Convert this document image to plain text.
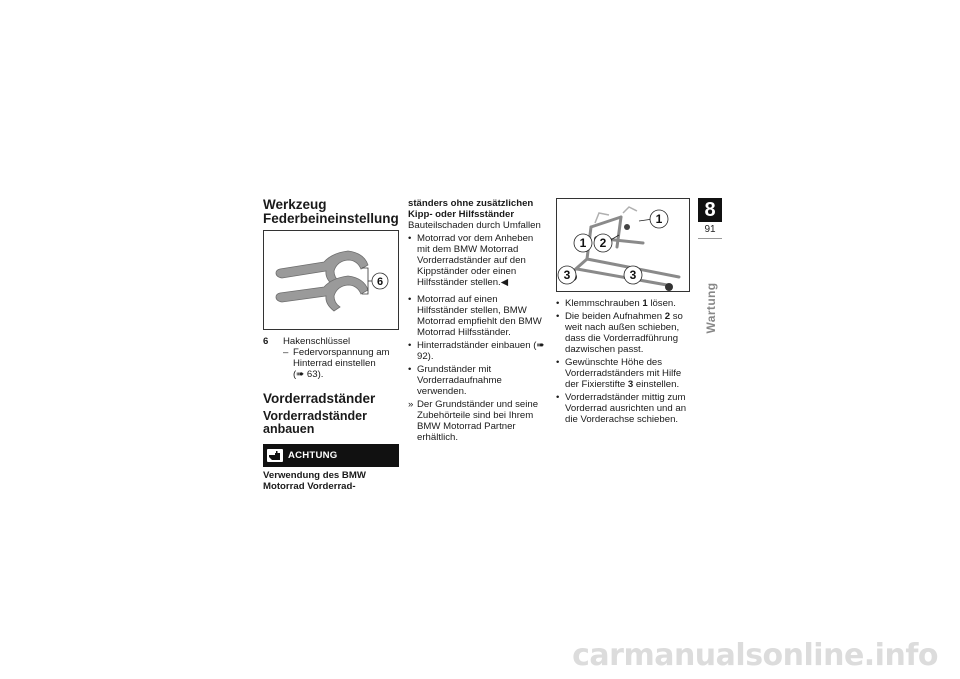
Werkzeug Federbeineinstellung
6
6	Hakenschlüssel
– Federvorspannung am Hinterrad einstellen
(➠ 63).
Vorderradständer
Vorderradständer anbauen
ACHTUNG
Verwendung des BMW Motorrad Vorderrad-
ständers ohne zusätzlichen Kipp- oder Hilfsständer
Bauteilschaden durch Umfallen
• Motorrad vor dem Anheben mit dem BMW Motorrad Vorderradständer auf den Kippständer oder einen Hilfsständer stellen.◀
• Motorrad auf einen Hilfsständer stellen, BMW Motorrad empfiehlt den BMW Motorrad Hilfsständer.
• Hinterradständer einbauen (➠ 92).
• Grundständer mit Vorderradaufnahme verwenden.
» Der Grundständer und seine Zubehörteile sind bei Ihrem BMW Motorrad Partner erhältlich.
1
2
1
3	3
• Klemmschrauben 1 lösen.
• Die beiden Aufnahmen 2 so weit nach außen schieben, dass die Vorderradführung dazwischen passt.
• Gewünschte Höhe des Vorderradständers mit Hilfe der Fixierstifte 3 einstellen.
• Vorderradständer mittig zum Vorderrad ausrichten und an die Vorderachse schieben.
8
91
Wartung
carmanualsonline.info
